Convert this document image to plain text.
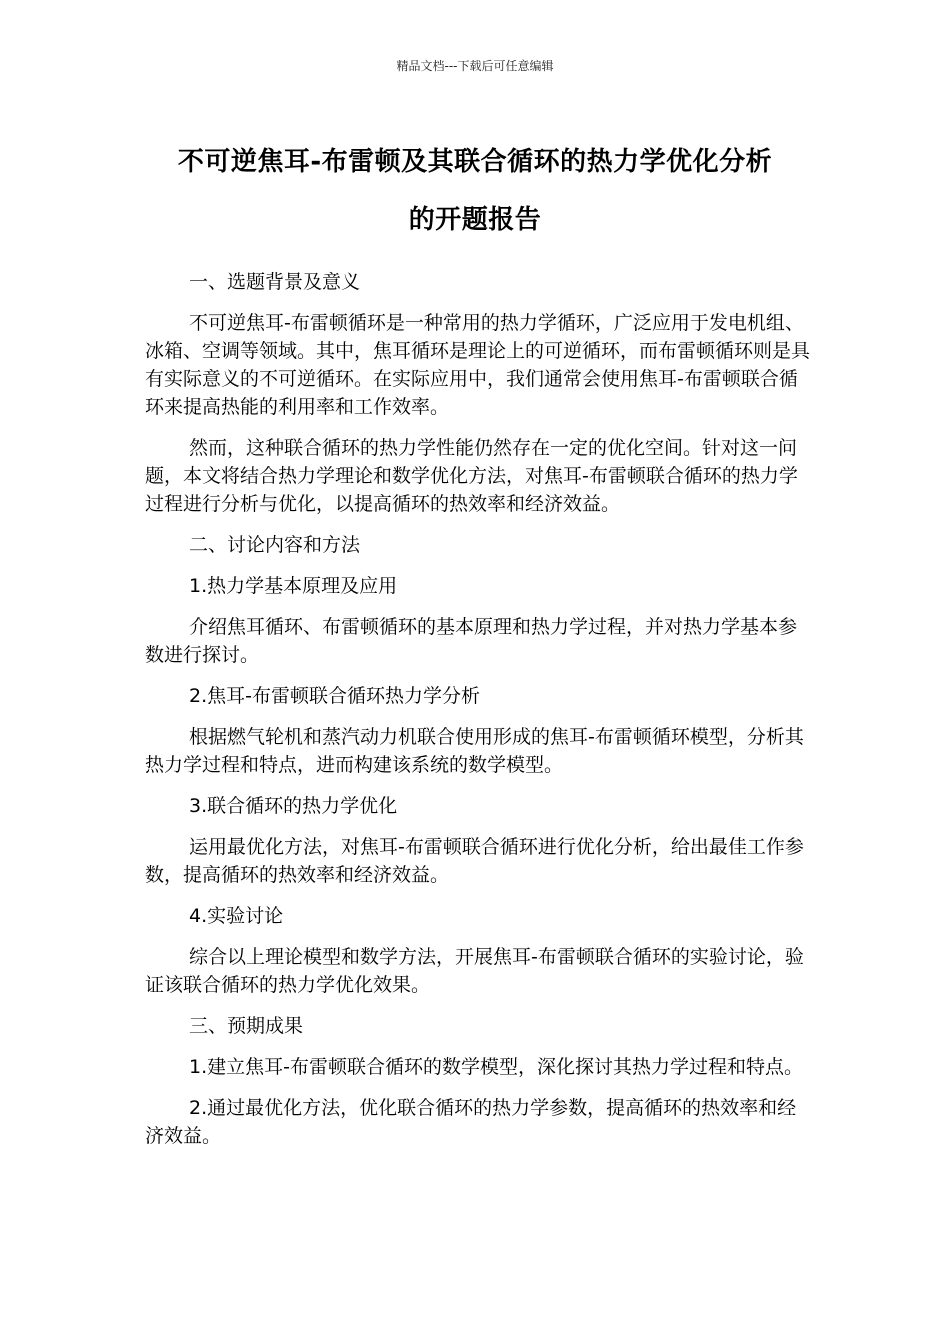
精品文档---下载后可任意编辑
不可逆焦耳-布雷顿及其联合循环的热力学优化分析
的开题报告

一、选题背景及意义

不可逆焦耳-布雷顿循环是一种常用的热力学循环，广泛应用于发电机组、冰箱、空调等领域。其中，焦耳循环是理论上的可逆循环，而布雷顿循环则是具有实际意义的不可逆循环。在实际应用中，我们通常会使用焦耳-布雷顿联合循环来提高热能的利用率和工作效率。

然而，这种联合循环的热力学性能仍然存在一定的优化空间。针对这一问题，本文将结合热力学理论和数学优化方法，对焦耳-布雷顿联合循环的热力学过程进行分析与优化，以提高循环的热效率和经济效益。

二、讨论内容和方法

1.热力学基本原理及应用

介绍焦耳循环、布雷顿循环的基本原理和热力学过程，并对热力学基本参数进行探讨。

2.焦耳-布雷顿联合循环热力学分析

根据燃气轮机和蒸汽动力机联合使用形成的焦耳-布雷顿循环模型，分析其热力学过程和特点，进而构建该系统的数学模型。

3.联合循环的热力学优化

运用最优化方法，对焦耳-布雷顿联合循环进行优化分析，给出最佳工作参数，提高循环的热效率和经济效益。

4.实验讨论

综合以上理论模型和数学方法，开展焦耳-布雷顿联合循环的实验讨论，验证该联合循环的热力学优化效果。

三、预期成果

1.建立焦耳-布雷顿联合循环的数学模型，深化探讨其热力学过程和特点。

2.通过最优化方法，优化联合循环的热力学参数，提高循环的热效率和经济效益。
